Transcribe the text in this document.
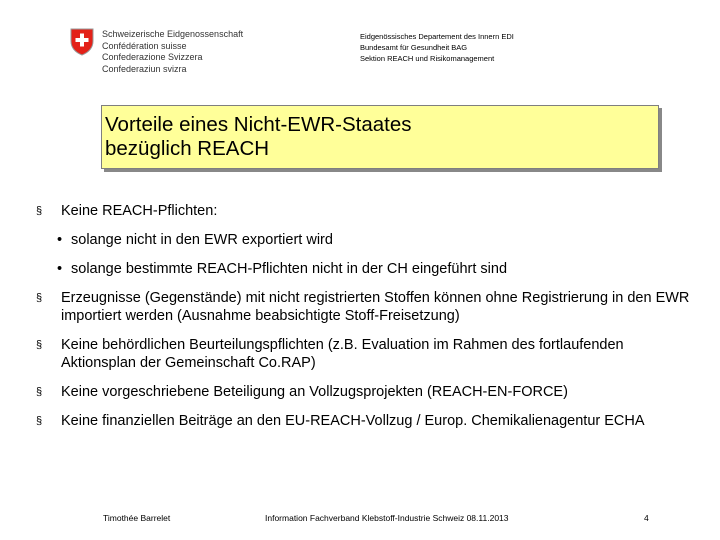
Schweizerische Eidgenossenschaft
Confédération suisse
Confederazione Svizzera
Confederaziun svizra
Eidgenössisches Departement des Innern EDI
Bundesamt für Gesundheit BAG
Sektion REACH und Risikomanagement
Vorteile eines Nicht-EWR-Staates
bezüglich REACH
§ Keine REACH-Pflichten:
• solange nicht in den EWR exportiert wird
• solange bestimmte REACH-Pflichten nicht in der CH eingeführt sind
§ Erzeugnisse (Gegenstände) mit nicht registrierten Stoffen können ohne Registrierung in den EWR importiert werden (Ausnahme beabsichtigte Stoff-Freisetzung)
§ Keine behördlichen Beurteilungspflichten (z.B. Evaluation im Rahmen des fortlaufenden Aktionsplan der Gemeinschaft Co.RAP)
§ Keine vorgeschriebene Beteiligung an Vollzugsprojekten (REACH-EN-FORCE)
§ Keine finanziellen Beiträge an den EU-REACH-Vollzug / Europ. Chemikalienagentur ECHA
Timothée Barrelet	Information Fachverband Klebstoff-Industrie Schweiz 08.11.2013	4
